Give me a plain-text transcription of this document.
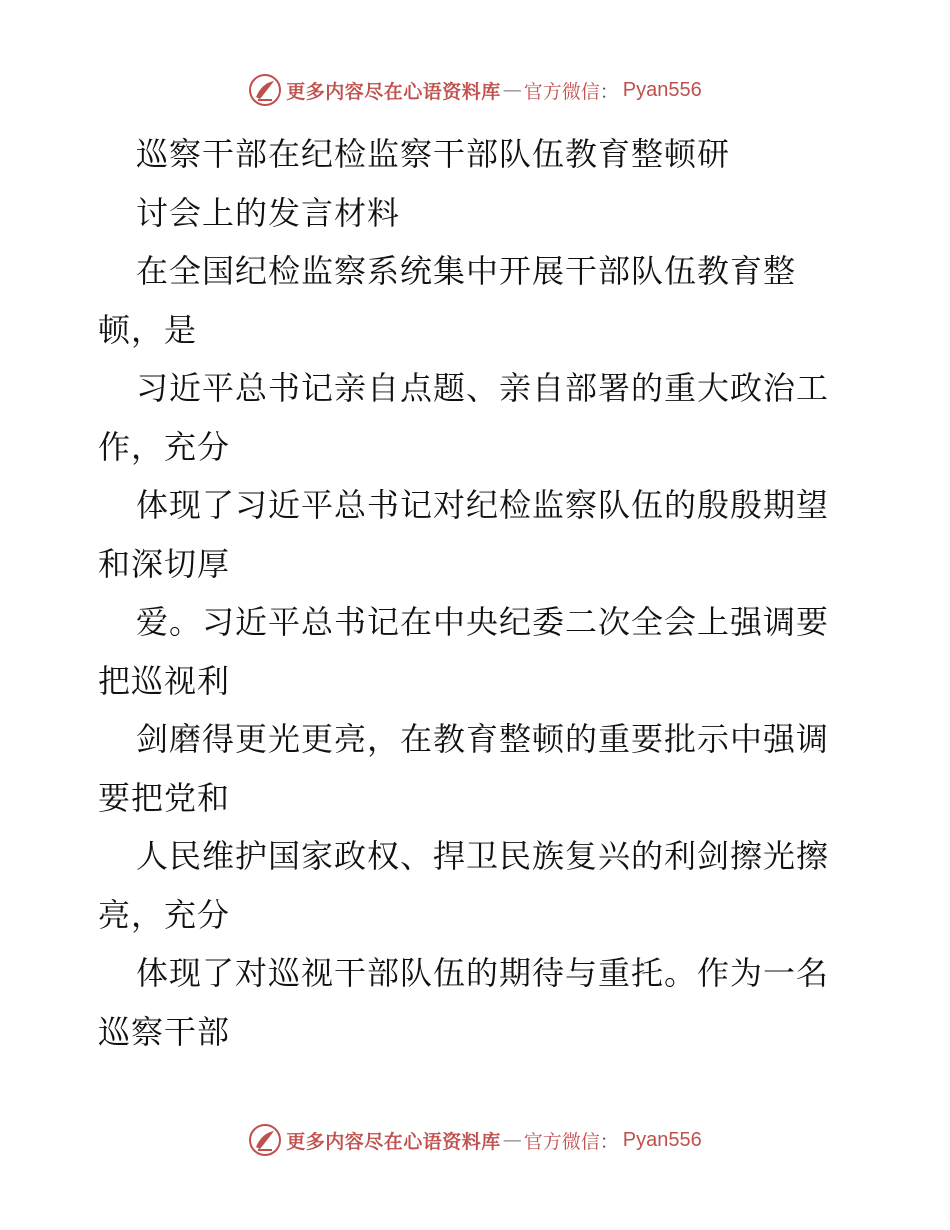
更多内容尽在心语资料库 — 官方微信 ： Pyan556
巡察干部在纪检监察干部队伍教育整顿研
讨会上的发言材料
在全国纪检监察系统集中开展干部队伍教育整
顿，是
习近平总书记亲自点题、亲自部署的重大政治工
作，充分
体现了习近平总书记对纪检监察队伍的殷殷期望
和深切厚
爱。习近平总书记在中央纪委二次全会上强调要
把巡视利
剑磨得更光更亮，在教育整顿的重要批示中强调
要把党和
人民维护国家政权、捍卫民族复兴的利剑擦光擦
亮，充分
体现了对巡视干部队伍的期待与重托。作为一名
巡察干部
更多内容尽在心语资料库 — 官方微信 ： Pyan556
